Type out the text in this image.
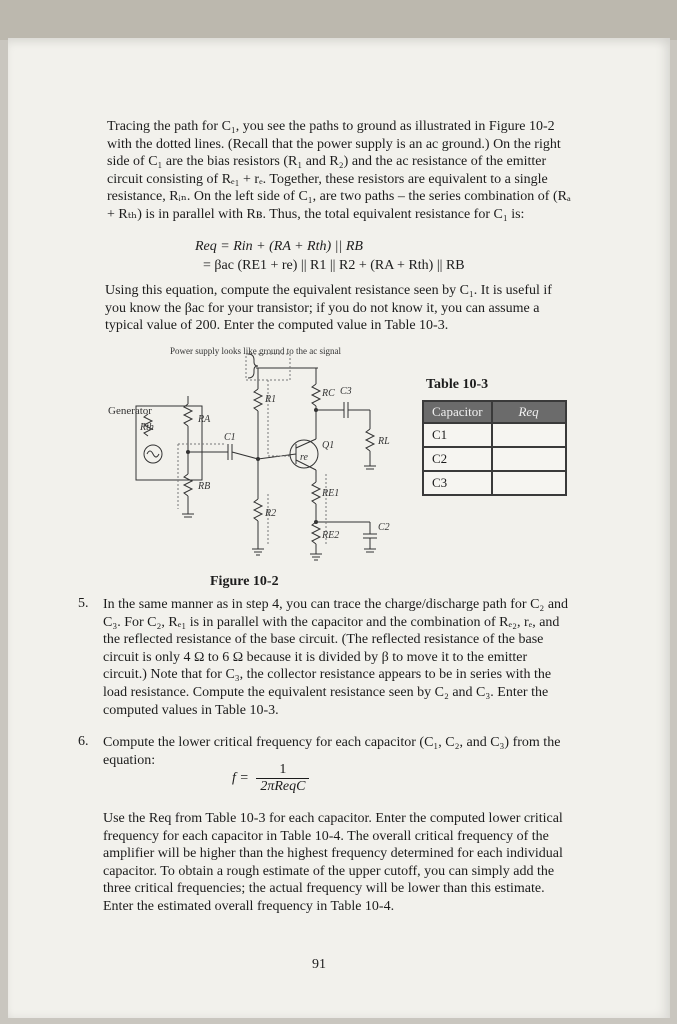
Tracing the path for C₁, you see the paths to ground as illustrated in Figure 10-2 with the dotted lines. (Recall that the power supply is an ac ground.) On the right side of C₁ are the bias resistors (R₁ and R₂) and the ac resistance of the emitter circuit consisting of Rₑ₁ + rₑ. Together, these resistors are equivalent to a single resistance, Rᵢₙ. On the left side of C₁, are two paths – the series combination of (Rₐ + Rₜₕ) is in parallel with Rʙ. Thus, the total equivalent resistance for C₁ is:

Req = Rin + (RA + Rth) || RB
= βac (RE1 + re) || R1 || R2 + (RA + Rth) || RB

Using this equation, compute the equivalent resistance seen by C₁. It is useful if you know the βac for your transistor; if you do not know it, you can assume a typical value of 200. Enter the computed value in Table 10-3.

Power supply looks like ground to the ac signal
Generator
Rth
RA
RB
C1
R1
R2
RC C3
RL
Q1
re
RE1
RE2
C2
Table 10-3
Capacitor	Req
C1	
C2	
C3	
Figure 10-2
5. In the same manner as in step 4, you can trace the charge/discharge path for C₂ and C₃. For C₂, Rₑ₁ is in parallel with the capacitor and the combination of Rₑ₂, rₑ, and the reflected resistance of the base circuit. (The reflected resistance of the base circuit is only 4 Ω to 6 Ω because it is divided by β to move it to the emitter circuit.) Note that for C₃, the collector resistance appears to be in series with the load resistance. Compute the equivalent resistance seen by C₂ and C₃. Enter the computed values in Table 10-3.
6. Compute the lower critical frequency for each capacitor (C₁, C₂, and C₃) from the equation:
$f = \frac{1}{\text{2πReqC}}$
Use the Req from Table 10-3 for each capacitor. Enter the computed lower critical frequency for each capacitor in Table 10-4. The overall critical frequency of the amplifier will be higher than the highest frequency determined for each individual capacitor. To obtain a rough estimate of the upper cutoff, you can simply add the three critical frequencies; the actual frequency will be lower than this estimate. Enter the estimated overall frequency in Table 10-4.
91
